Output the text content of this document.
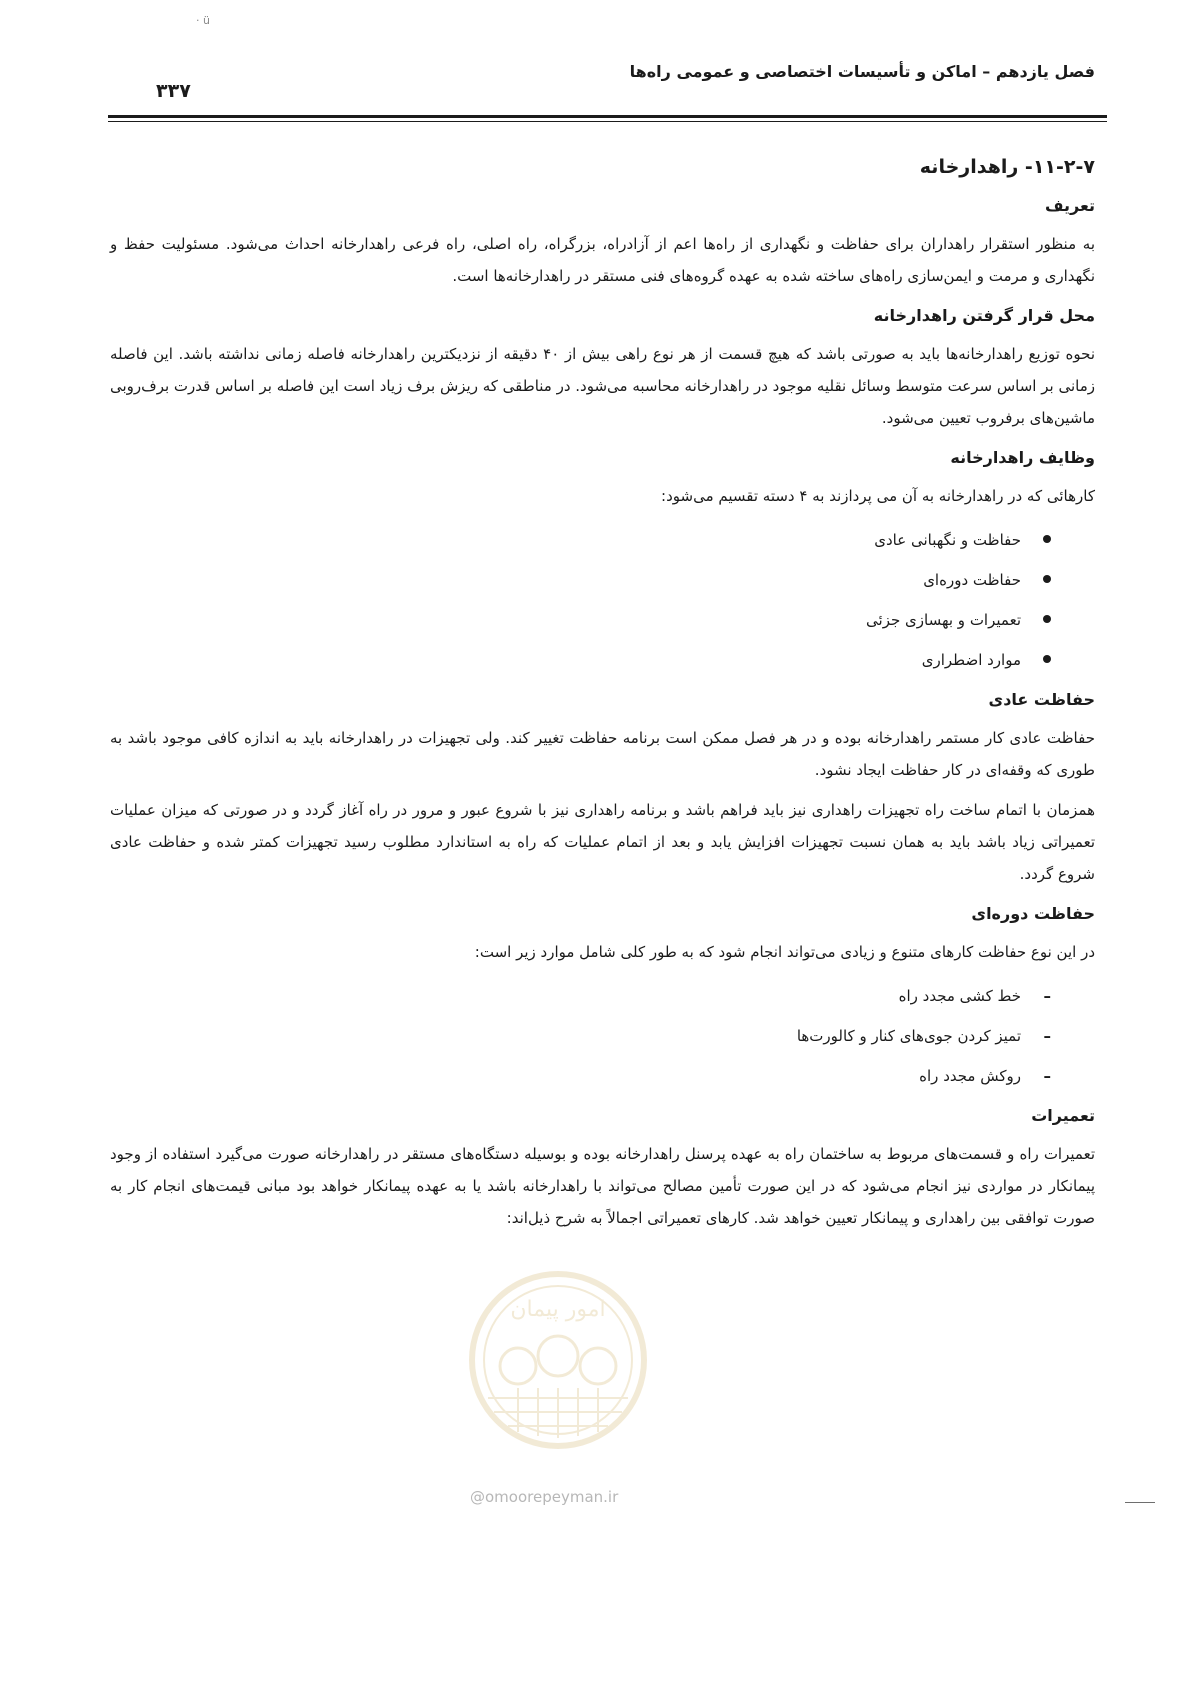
· ü
فصل یازدهم – اماکن و تأسیسات اختصاصی و عمومی راه‌ها
۳۳۷
۱۱-۲-۷- راهدارخانه
تعریف

به منظور استقرار راهداران برای حفاظت و نگهداری از راه‌ها اعم از آزادراه، بزرگراه، راه اصلی، راه فرعی راهدارخانه احداث می‌شود. مسئولیت حفظ و نگهداری و مرمت و ایمن‌سازی راه‌های ساخته شده به عهده گروه‌های فنی مستقر در راهدارخانه‌ها است.

محل قرار گرفتن راهدارخانه

نحوه توزیع راهدارخانه‌ها باید به صورتی باشد که هیچ قسمت از هر نوع راهی بیش از ۴۰ دقیقه از نزدیکترین راهدارخانه فاصله زمانی نداشته باشد. این فاصله زمانی بر اساس سرعت متوسط وسائل نقلیه موجود در راهدارخانه محاسبه می‌شود. در مناطقی که ریزش برف زیاد است این فاصله بر اساس قدرت برف‌روبی ماشین‌های برفروب تعیین می‌شود.

وظایف راهدارخانه

کارهائی که در راهدارخانه به آن می پردازند به ۴ دسته تقسیم می‌شود:

حفاظت و نگهبانی عادی
حفاظت دوره‌ای
تعمیرات و بهسازی جزئی
موارد اضطراری
حفاظت عادی

حفاظت عادی کار مستمر راهدارخانه بوده و در هر فصل ممکن است برنامه حفاظت تغییر کند. ولی تجهیزات در راهدارخانه باید به اندازه کافی موجود باشد به طوری که وقفه‌ای در کار حفاظت ایجاد نشود.

همزمان با اتمام ساخت راه تجهیزات راهداری نیز باید فراهم باشد و برنامه راهداری نیز با شروع عبور و مرور در راه آغاز گردد و در صورتی که میزان عملیات تعمیراتی زیاد باشد باید به همان نسبت تجهیزات افزایش یابد و بعد از اتمام عملیات که راه به استاندارد مطلوب رسید تجهیزات کمتر شده و حفاظت عادی شروع گردد.

حفاظت دوره‌ای

در این نوع حفاظت کارهای متنوع و زیادی می‌تواند انجام شود که به طور کلی شامل موارد زیر است:

–
خط کشی مجدد راه
–
تمیز کردن جوی‌های کنار و کالورت‌ها
–
روکش مجدد راه
تعمیرات

تعمیرات راه و قسمت‌های مربوط به ساختمان راه به عهده پرسنل راهدارخانه بوده و بوسیله دستگاه‌های مستقر در راهدارخانه صورت می‌گیرد استفاده از وجود پیمانکار در مواردی نیز انجام می‌شود که در این صورت تأمین مصالح می‌تواند با راهدارخانه باشد یا به عهده پیمانکار خواهد بود مبانی قیمت‌های انجام کار به صورت توافقی بین راهداری و پیمانکار تعیین خواهد شد. کارهای تعمیراتی اجمالاً به شرح ذیل‌اند:

امور پیمان
@omoorepeyman.ir
